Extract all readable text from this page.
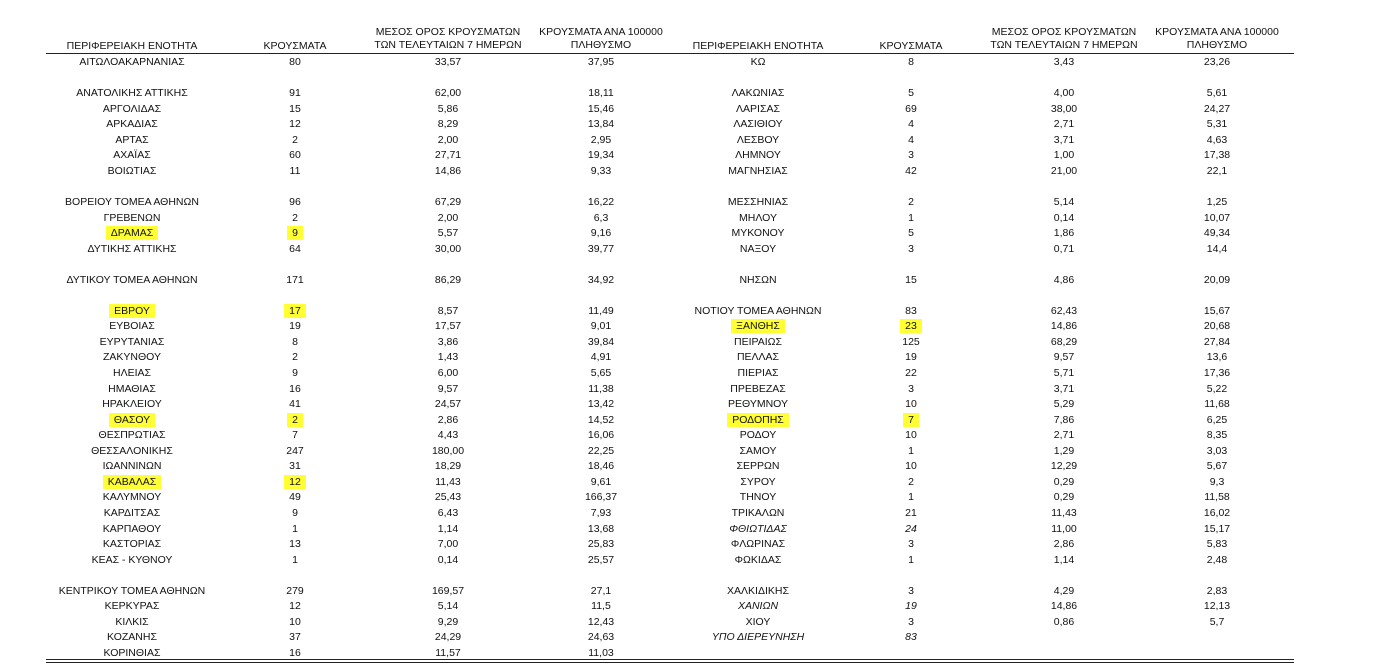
ΠΕΡΙΦΕΡΕΙΑΚΗ ΕΝΟΤΗΤΑ	ΚΡΟΥΣΜΑΤΑ
ΜΕΣΟΣ ΟΡΟΣ ΚΡΟΥΣΜΑΤΩΝ
ΤΩΝ ΤΕΛΕΥΤΑΙΩΝ 7 ΗΜΕΡΩΝ
ΚΡΟΥΣΜΑΤΑ ΑΝΑ 100000
ΠΛΗΘΥΣΜΟ	ΠΕΡΙΦΕΡΕΙΑΚΗ ΕΝΟΤΗΤΑ	ΚΡΟΥΣΜΑΤΑ
ΜΕΣΟΣ ΟΡΟΣ ΚΡΟΥΣΜΑΤΩΝ
ΤΩΝ ΤΕΛΕΥΤΑΙΩΝ 7 ΗΜΕΡΩΝ
ΚΡΟΥΣΜΑΤΑ ΑΝΑ 100000
ΠΛΗΘΥΣΜΟ
ΑΙΤΩΛΟΑΚΑΡΝΑΝΙΑΣ	80	33,57	37,95
ΑΝΑΤΟΛΙΚΗΣ ΑΤΤΙΚΗΣ	91	62,00	18,11
ΑΡΓΟΛΙΔΑΣ	15	5,86	15,46
ΑΡΚΑΔΙΑΣ	12	8,29	13,84
ΑΡΤΑΣ	2	2,00	2,95
ΑΧΑΪΑΣ	60	27,71	19,34
ΒΟΙΩΤΙΑΣ	11	14,86	9,33
ΒΟΡΕΙΟΥ ΤΟΜΕΑ ΑΘΗΝΩΝ	96	67,29	16,22
ΓΡΕΒΕΝΩΝ	2	2,00	6,3
ΔΡΑΜΑΣ	9	5,57	9,16
ΔΥΤΙΚΗΣ ΑΤΤΙΚΗΣ	64	30,00	39,77
ΔΥΤΙΚΟΥ ΤΟΜΕΑ ΑΘΗΝΩΝ	171	86,29	34,92
ΕΒΡΟΥ	17	8,57	11,49
ΕΥΒΟΙΑΣ	19	17,57	9,01
ΕΥΡΥΤΑΝΙΑΣ	8	3,86	39,84
ΖΑΚΥΝΘΟΥ	2	1,43	4,91
ΗΛΕΙΑΣ	9	6,00	5,65
ΗΜΑΘΙΑΣ	16	9,57	11,38
ΗΡΑΚΛΕΙΟΥ	41	24,57	13,42
ΘΑΣΟΥ	2	2,86	14,52
ΘΕΣΠΡΩΤΙΑΣ	7	4,43	16,06
ΘΕΣΣΑΛΟΝΙΚΗΣ	247	180,00	22,25
ΙΩΑΝΝΙΝΩΝ	31	18,29	18,46
ΚΑΒΑΛΑΣ	12	11,43	9,61
ΚΑΛΥΜΝΟΥ	49	25,43	166,37
ΚΑΡΔΙΤΣΑΣ	9	6,43	7,93
ΚΑΡΠΑΘΟΥ	1	1,14	13,68
ΚΑΣΤΟΡΙΑΣ	13	7,00	25,83
ΚΕΑΣ - ΚΥΘΝΟΥ	1	0,14	25,57
ΚΕΝΤΡΙΚΟΥ ΤΟΜΕΑ ΑΘΗΝΩΝ	279	169,57	27,1
ΚΕΡΚΥΡΑΣ	12	5,14	11,5
ΚΙΛΚΙΣ	10	9,29	12,43
ΚΟΖΑΝΗΣ	37	24,29	24,63
ΚΟΡΙΝΘΙΑΣ	16	11,57	11,03
ΚΩ	8	3,43	23,26
ΛΑΚΩΝΙΑΣ	5	4,00	5,61
ΛΑΡΙΣΑΣ	69	38,00	24,27
ΛΑΣΙΘΙΟΥ	4	2,71	5,31
ΛΕΣΒΟΥ	4	3,71	4,63
ΛΗΜΝΟΥ	3	1,00	17,38
ΜΑΓΝΗΣΙΑΣ	42	21,00	22,1
ΜΕΣΣΗΝΙΑΣ	2	5,14	1,25
ΜΗΛΟΥ	1	0,14	10,07
ΜΥΚΟΝΟΥ	5	1,86	49,34
ΝΑΞΟΥ	3	0,71	14,4
ΝΗΣΩΝ	15	4,86	20,09
ΝΟΤΙΟΥ ΤΟΜΕΑ ΑΘΗΝΩΝ	83	62,43	15,67
ΞΑΝΘΗΣ	23	14,86	20,68
ΠΕΙΡΑΙΩΣ	125	68,29	27,84
ΠΕΛΛΑΣ	19	9,57	13,6
ΠΙΕΡΙΑΣ	22	5,71	17,36
ΠΡΕΒΕΖΑΣ	3	3,71	5,22
ΡΕΘΥΜΝΟΥ	10	5,29	11,68
ΡΟΔΟΠΗΣ	7	7,86	6,25
ΡΟΔΟΥ	10	2,71	8,35
ΣΑΜΟΥ	1	1,29	3,03
ΣΕΡΡΩΝ	10	12,29	5,67
ΣΥΡΟΥ	2	0,29	9,3
ΤΗΝΟΥ	1	0,29	11,58
ΤΡΙΚΑΛΩΝ	21	11,43	16,02
ΦΘΙΩΤΙΔΑΣ	24	11,00	15,17
ΦΛΩΡΙΝΑΣ	3	2,86	5,83
ΦΩΚΙΔΑΣ	1	1,14	2,48
ΧΑΛΚΙΔΙΚΗΣ	3	4,29	2,83
ΧΑΝΙΩΝ	19	14,86	12,13
ΧΙΟΥ	3	0,86	5,7
ΥΠΟ ΔΙΕΡΕΥΝΗΣΗ	83
